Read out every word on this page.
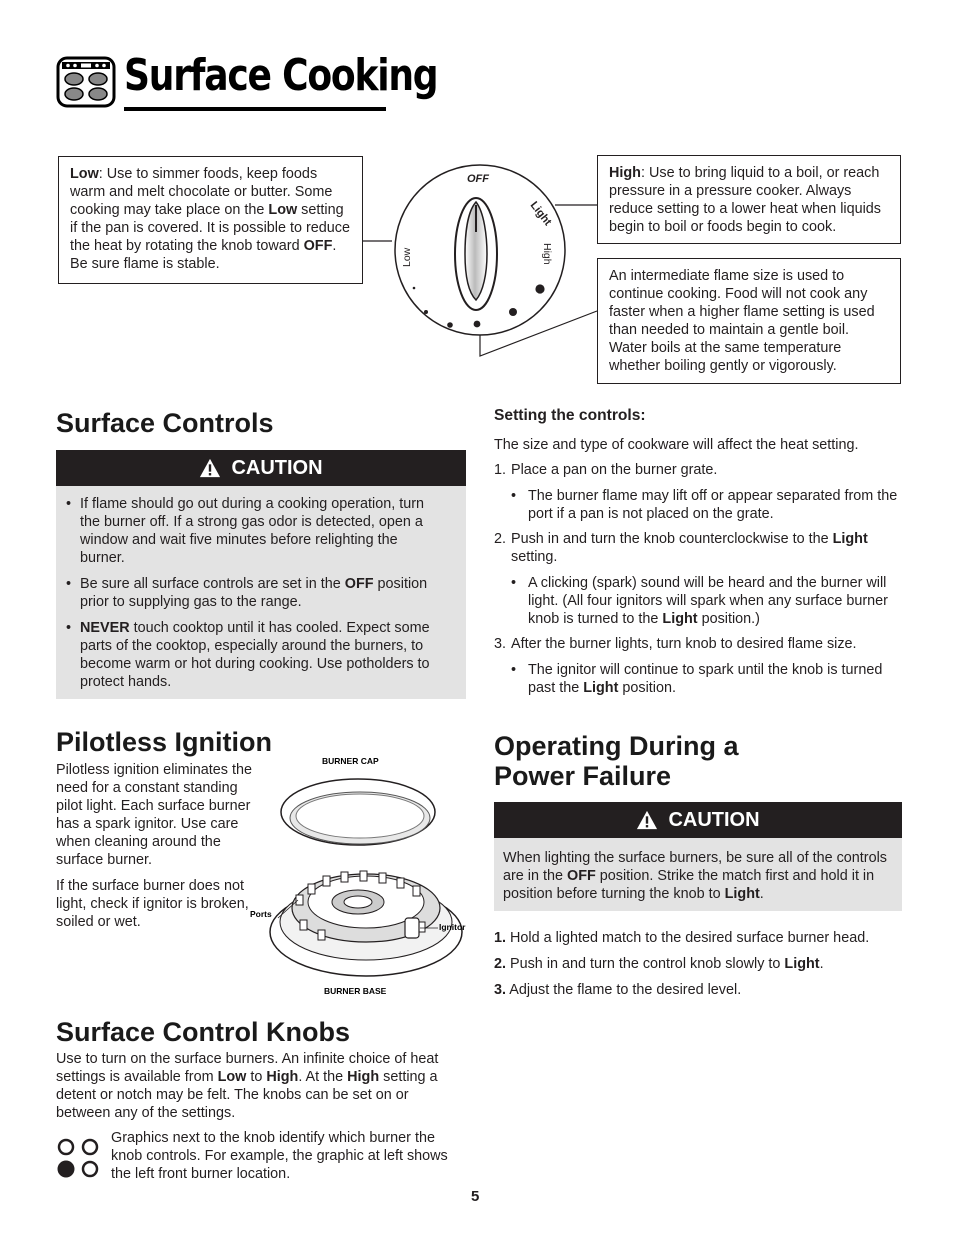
Surface Cooking
Low: Use to simmer foods, keep foods warm and melt chocolate or butter. Some cooking may take place on the Low setting if the pan is covered. It is possible to reduce the heat by rotating the knob toward OFF. Be sure flame is stable.
High: Use to bring liquid to a boil, or reach pressure in a pressure cooker. Always reduce setting to a lower heat when liquids begin to boil or foods begin to cook.
An intermediate flame size is used to continue cooking. Food will not cook any faster when a higher flame setting is used than needed to maintain a gentle boil. Water boils at the same temperature whether boiling gently or vigorously.
OFF
Light
Low	High
Surface Controls
CAUTION
• If flame should go out during a cooking operation, turn the burner off. If a strong gas odor is detected, open a window and wait five minutes before relighting the burner.
• Be sure all surface controls are set in the OFF position prior to supplying gas to the range.
• NEVER touch cooktop until it has cooled. Expect some parts of the cooktop, especially around the burners, to become warm or hot during cooking. Use potholders to protect hands.
Setting the controls:

The size and type of cookware will affect the heat setting.

1. Place a pan on the burner grate.
• The burner flame may lift off or appear separated from the port if a pan is not placed on the grate.
2. Push in and turn the knob counterclockwise to the Light setting.
• A clicking (spark) sound will be heard and the burner will light. (All four ignitors will spark when any surface burner knob is turned to the Light position.)
3. After the burner lights, turn knob to desired flame size.
• The ignitor will continue to spark until the knob is turned past the Light position.
Pilotless Ignition

Pilotless ignition eliminates the need for a constant standing pilot light. Each surface burner has a spark ignitor. Use care when cleaning around the surface burner.

If the surface burner does not light, check if ignitor is broken, soiled or wet.

BURNER CAP
Ports
Ignitor
BURNER BASE
Operating During a
Power Failure
CAUTION
When lighting the surface burners, be sure all of the controls are in the OFF position. Strike the match first and hold it in position before turning the knob to Light.

1. Hold a lighted match to the desired surface burner head.

2. Push in and turn the control knob slowly to Light.

3. Adjust the flame to the desired level.

Surface Control Knobs
Use to turn on the surface burners. An infinite choice of heat settings is available from Low to High. At the High setting a detent or notch may be felt. The knobs can be set on or between any of the settings.
Graphics next to the knob identify which burner the knob controls. For example, the graphic at left shows the left front burner location.
5
